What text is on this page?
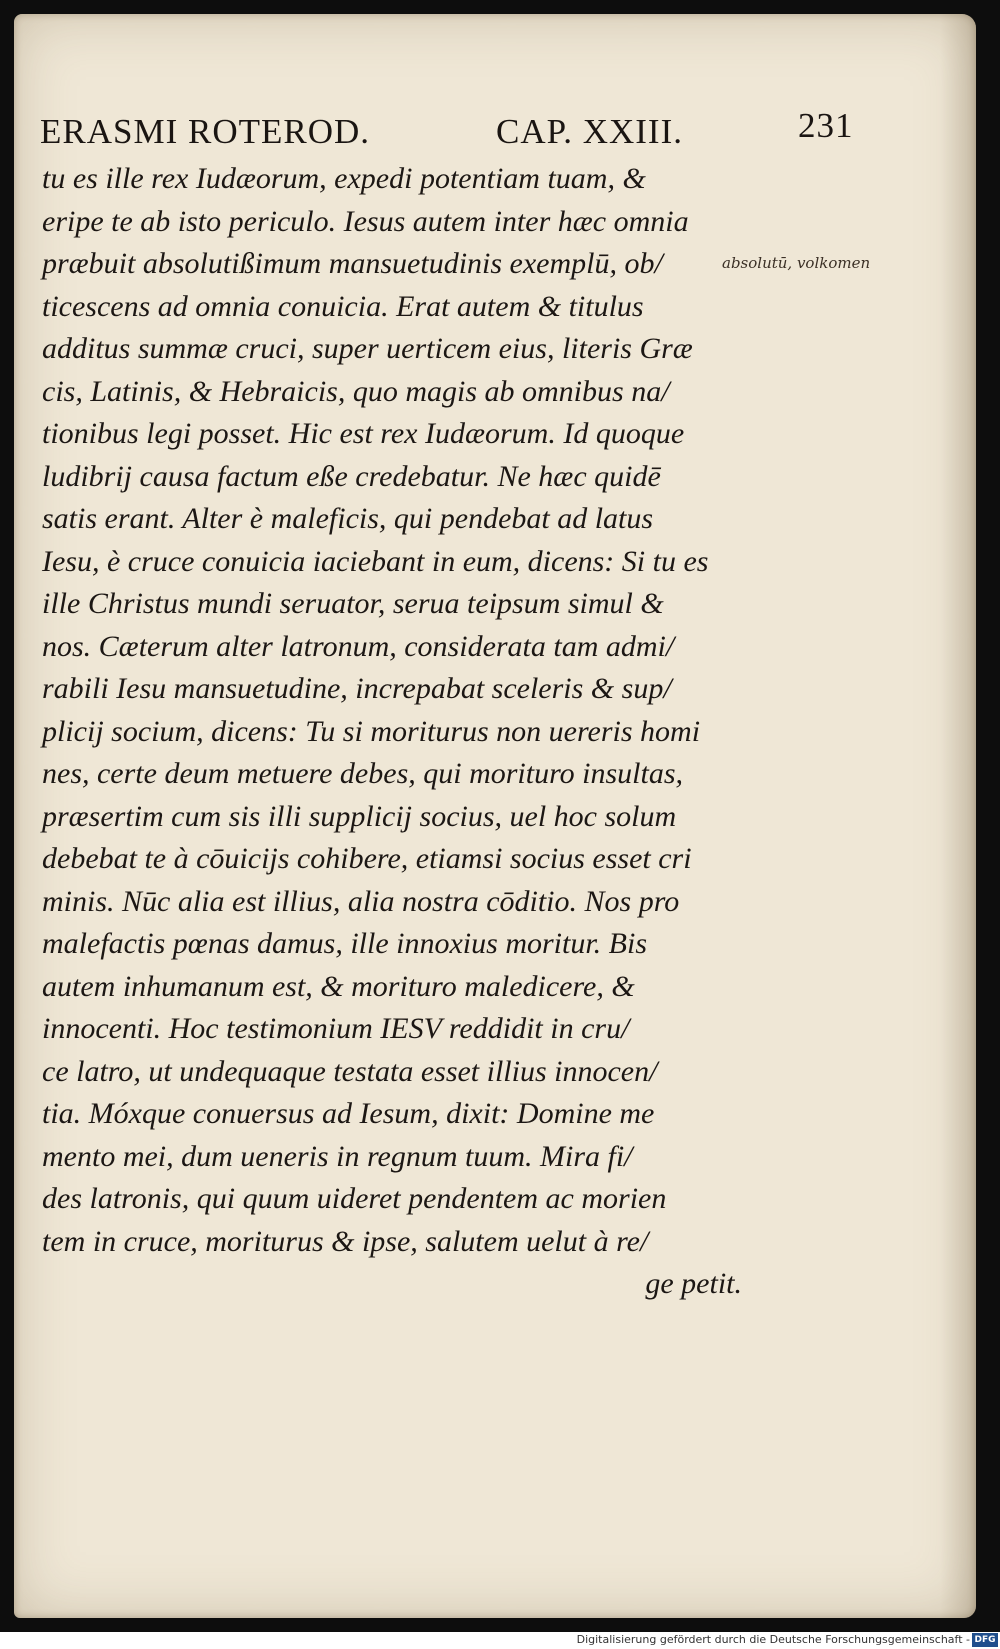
ERASMI ROTEROD.	CAP. XXIII.	231
tu es ille rex Iudæorum, expedi potentiam tuam, &
eripe te ab isto periculo. Iesus autem inter hæc omnia
præbuit absolutißimum mansuetudinis exemplū, ob/
ticescens ad omnia conuicia. Erat autem & titulus
additus summæ cruci, super uerticem eius, literis Græ
cis, Latinis, & Hebraicis, quo magis ab omnibus na/
tionibus legi posset. Hic est rex Iudæorum. Id quoque
ludibrij causa factum eße credebatur. Ne hæc quidē
satis erant. Alter è maleficis, qui pendebat ad latus
Iesu, è cruce conuicia iaciebant in eum, dicens: Si tu es
ille Christus mundi seruator, serua teipsum simul &
nos. Cæterum alter latronum, considerata tam admi/
rabili Iesu mansuetudine, increpabat sceleris & sup/
plicij socium, dicens: Tu si moriturus non uereris homi
nes, certe deum metuere debes, qui morituro insultas,
præsertim cum sis illi supplicij socius, uel hoc solum
debebat te à cōuicijs cohibere, etiamsi socius esset cri
minis. Nūc alia est illius, alia nostra cōditio. Nos pro
malefactis pœnas damus, ille innoxius moritur. Bis
autem inhumanum est, & morituro maledicere, &
innocenti. Hoc testimonium IESV reddidit in cru/
ce latro, ut undequaque testata esset illius innocen/
tia. Móxque conuersus ad Iesum, dixit: Domine me
mento mei, dum ueneris in regnum tuum. Mira fi/
des latronis, qui quum uideret pendentem ac morien
tem in cruce, moriturus & ipse, salutem uelut à re/
ge petit.
absolutū, volkomen
Digitalisierung gefördert durch die Deutsche Forschungsgemeinschaft - DFG
